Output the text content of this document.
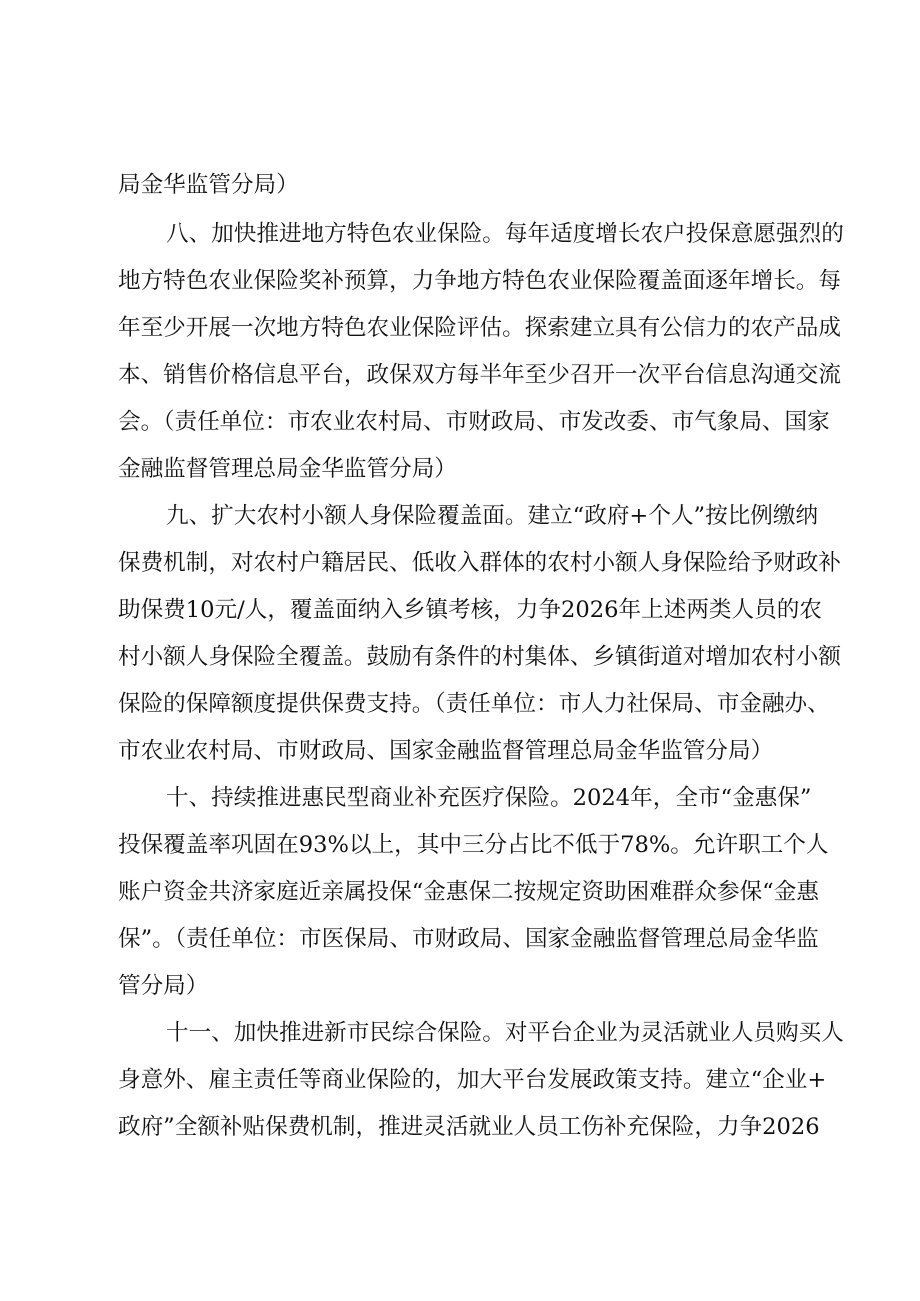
局金华监管分局）
八、加快推进地方特色农业保险。每年适度增长农户投保意愿强烈的
地方特色农业保险奖补预算，力争地方特色农业保险覆盖面逐年增长。每
年至少开展一次地方特色农业保险评估。探索建立具有公信力的农产品成
本、销售价格信息平台，政保双方每半年至少召开一次平台信息沟通交流
会。（责任单位：市农业农村局、市财政局、市发改委、市气象局、国家
金融监督管理总局金华监管分局）
九、扩大农村小额人身保险覆盖面。建立“政府+个人”按比例缴纳
保费机制，对农村户籍居民、低收入群体的农村小额人身保险给予财政补
助保费10元/人，覆盖面纳入乡镇考核，力争2026年上述两类人员的农
村小额人身保险全覆盖。鼓励有条件的村集体、乡镇街道对增加农村小额
保险的保障额度提供保费支持。（责任单位：市人力社保局、市金融办、
市农业农村局、市财政局、国家金融监督管理总局金华监管分局）
十、持续推进惠民型商业补充医疗保险。2024年，全市“金惠保”
投保覆盖率巩固在93%以上，其中三分占比不低于78%。允许职工个人
账户资金共济家庭近亲属投保“金惠保二按规定资助困难群众参保“金惠
保”。（责任单位：市医保局、市财政局、国家金融监督管理总局金华监
管分局）
十一、加快推进新市民综合保险。对平台企业为灵活就业人员购买人
身意外、雇主责任等商业保险的，加大平台发展政策支持。建立“企业+
政府”全额补贴保费机制，推进灵活就业人员工伤补充保险，力争2026
